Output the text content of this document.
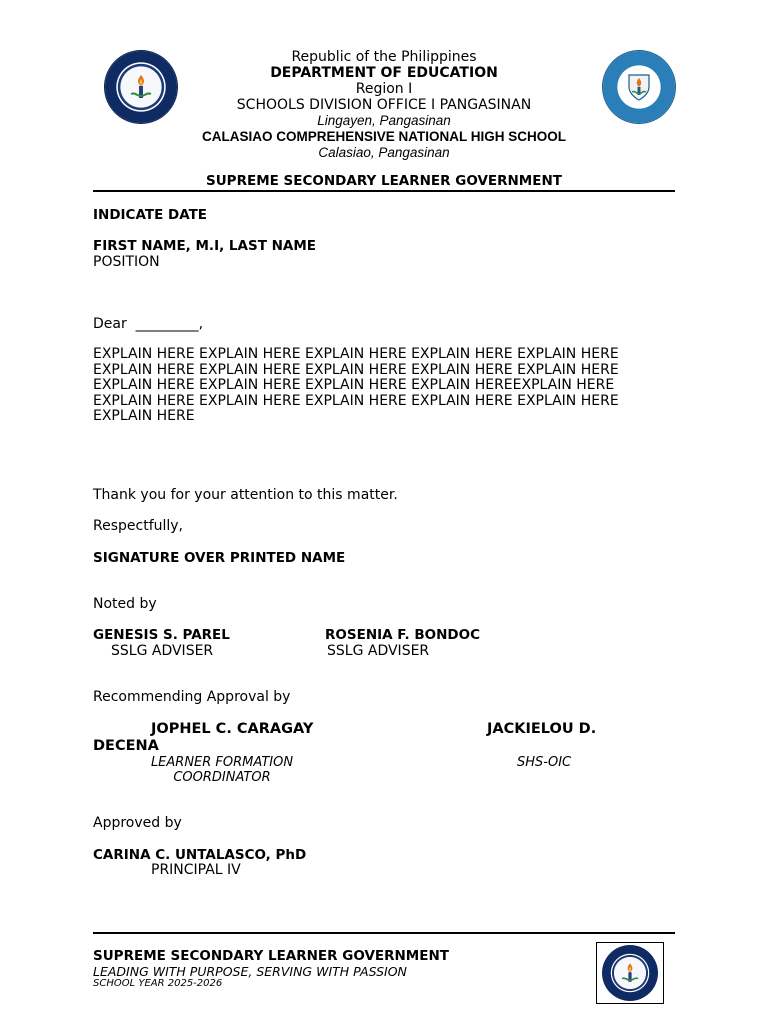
Republic of the Philippines
DEPARTMENT OF EDUCATION
Region I
SCHOOLS DIVISION OFFICE I PANGASINAN
Lingayen, Pangasinan
CALASIAO COMPREHENSIVE NATIONAL HIGH SCHOOL
Calasiao, Pangasinan
SUPREME SECONDARY LEARNER GOVERNMENT
INDICATE DATE
FIRST NAME, M.I, LAST NAME
POSITION
Dear  _________,
EXPLAIN HERE EXPLAIN HERE EXPLAIN HERE EXPLAIN HERE EXPLAIN HERE
EXPLAIN HERE EXPLAIN HERE EXPLAIN HERE EXPLAIN HERE EXPLAIN HERE
EXPLAIN HERE EXPLAIN HERE EXPLAIN HERE EXPLAIN HEREEXPLAIN HERE
EXPLAIN HERE EXPLAIN HERE EXPLAIN HERE EXPLAIN HERE EXPLAIN HERE
EXPLAIN HERE
Thank you for your attention to this matter.
Respectfully,
SIGNATURE OVER PRINTED NAME
Noted by
GENESIS S. PAREL
SSLG ADVISER
ROSENIA F. BONDOC
SSLG ADVISER
Recommending Approval by
JOPHEL C. CARAGAY	JACKIELOU D.
DECENA
LEARNER FORMATION
COORDINATOR
SHS-OIC
Approved by
CARINA C. UNTALASCO, PhD
PRINCIPAL IV
SUPREME SECONDARY LEARNER GOVERNMENT
LEADING WITH PURPOSE, SERVING WITH PASSION
SCHOOL YEAR 2025-2026
